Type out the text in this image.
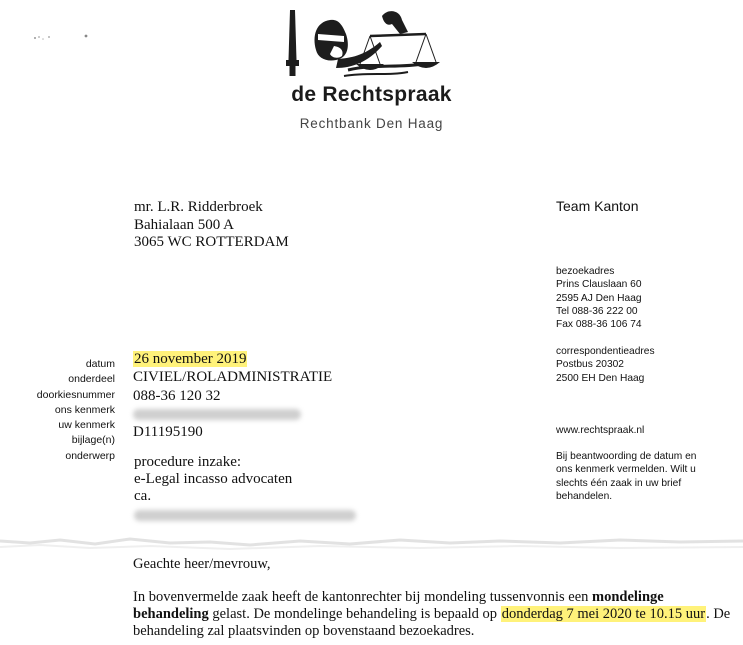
de Rechtspraak
Rechtbank Den Haag
mr. L.R. Ridderbroek
Bahialaan 500 A
3065 WC ROTTERDAM
Team Kanton
bezoekadres
Prins Clauslaan 60
2595 AJ Den Haag
Tel 088-36 222 00
Fax 088-36 106 74
correspondentieadres
Postbus 20302
2500 EH Den Haag
www.rechtspraak.nl
Bij beantwoording de datum en
ons kenmerk vermelden. Wilt u
slechts één zaak in uw brief
behandelen.
datum
onderdeel
doorkiesnummer
ons kenmerk
uw kenmerk
bijlage(n)
onderwerp
26 november 2019
CIVIEL/ROLADMINISTRATIE
088-36 120 32
D11195190
procedure inzake:
e-Legal incasso advocaten
ca.
Geachte heer/mevrouw,
In bovenvermelde zaak heeft de kantonrechter bij mondeling tussenvonnis een mondelinge behandeling gelast. De mondelinge behandeling is bepaald op donderdag 7 mei 2020 te 10.15 uur. De behandeling zal plaatsvinden op bovenstaand bezoekadres.
